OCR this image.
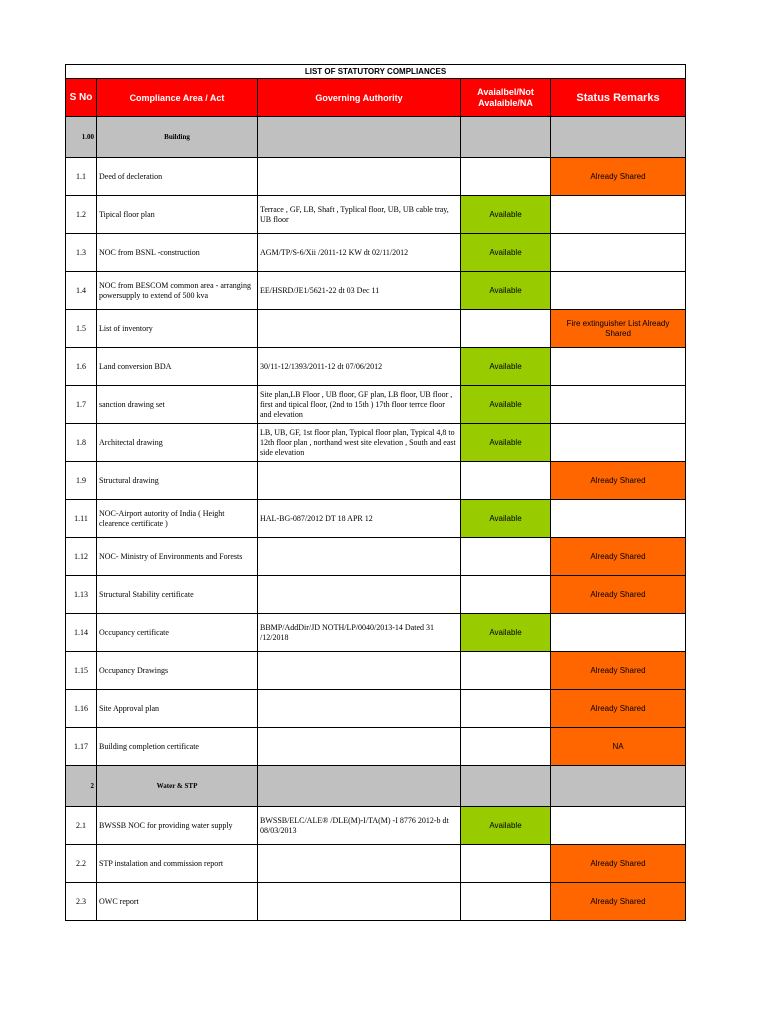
LIST OF STATUTORY COMPLIANCES				
S No	Compliance Area / Act	Governing Authority	Avaialbel/Not Avalaible/NA	Status Remarks
1.00	Building			
1.1	Deed of decleration			Already Shared
1.2	Tipical floor plan	Terrace , GF, LB, Shaft , Typlical floor, UB, UB cable tray, UB floor	Available	
1.3	NOC from BSNL -construction	AGM/TP/S-6/Xii /2011-12 KW dt 02/11/2012	Available	
1.4	NOC from BESCOM common area - arranging powersupply to extend of 500 kva	EE/HSRD/JE1/5621-22 dt 03 Dec 11	Available	
1.5	List of inventory			Fire extinguisher List Already Shared
1.6	Land conversion BDA	30/11-12/1393/2011-12 dt 07/06/2012	Available	
1.7	sanction drawing set	Site plan,LB Floor , UB floor, GF plan, LB floor, UB floor , first and tipical floor, (2nd to 15th ) 17th floor terrce floor and elevation	Available	
1.8	Architectal drawing	LB, UB, GF, 1st floor plan, Typical floor plan, Typical 4,8 to 12th floor plan , northand west site elevation , South and east side elevation	Available	
1.9	Structural drawing			Already Shared
1.11	NOC-Airport autority of India ( Height clearence certificate )	HAL-BG-087/2012 DT 18 APR 12	Available	
1.12	NOC- Ministry of Environments and Forests			Already Shared
1.13	Structural Stability certificate			Already Shared
1.14	Occupancy certificate	BBMP/AddDir/JD NOTH/LP/0040/2013-14 Dated 31 /12/2018	Available	
1.15	Occupancy Drawings			Already Shared
1.16	Site Approval plan			Already Shared
1.17	Building completion certificate			NA
2	Water & STP			
2.1	BWSSB NOC for providing water supply	BWSSB/ELC/ALE® /DLE(M)-I/TA(M) -I 8776 2012-b dt 08/03/2013	Available	
2.2	STP instalation and commission report			Already Shared
2.3	OWC report			Already Shared
